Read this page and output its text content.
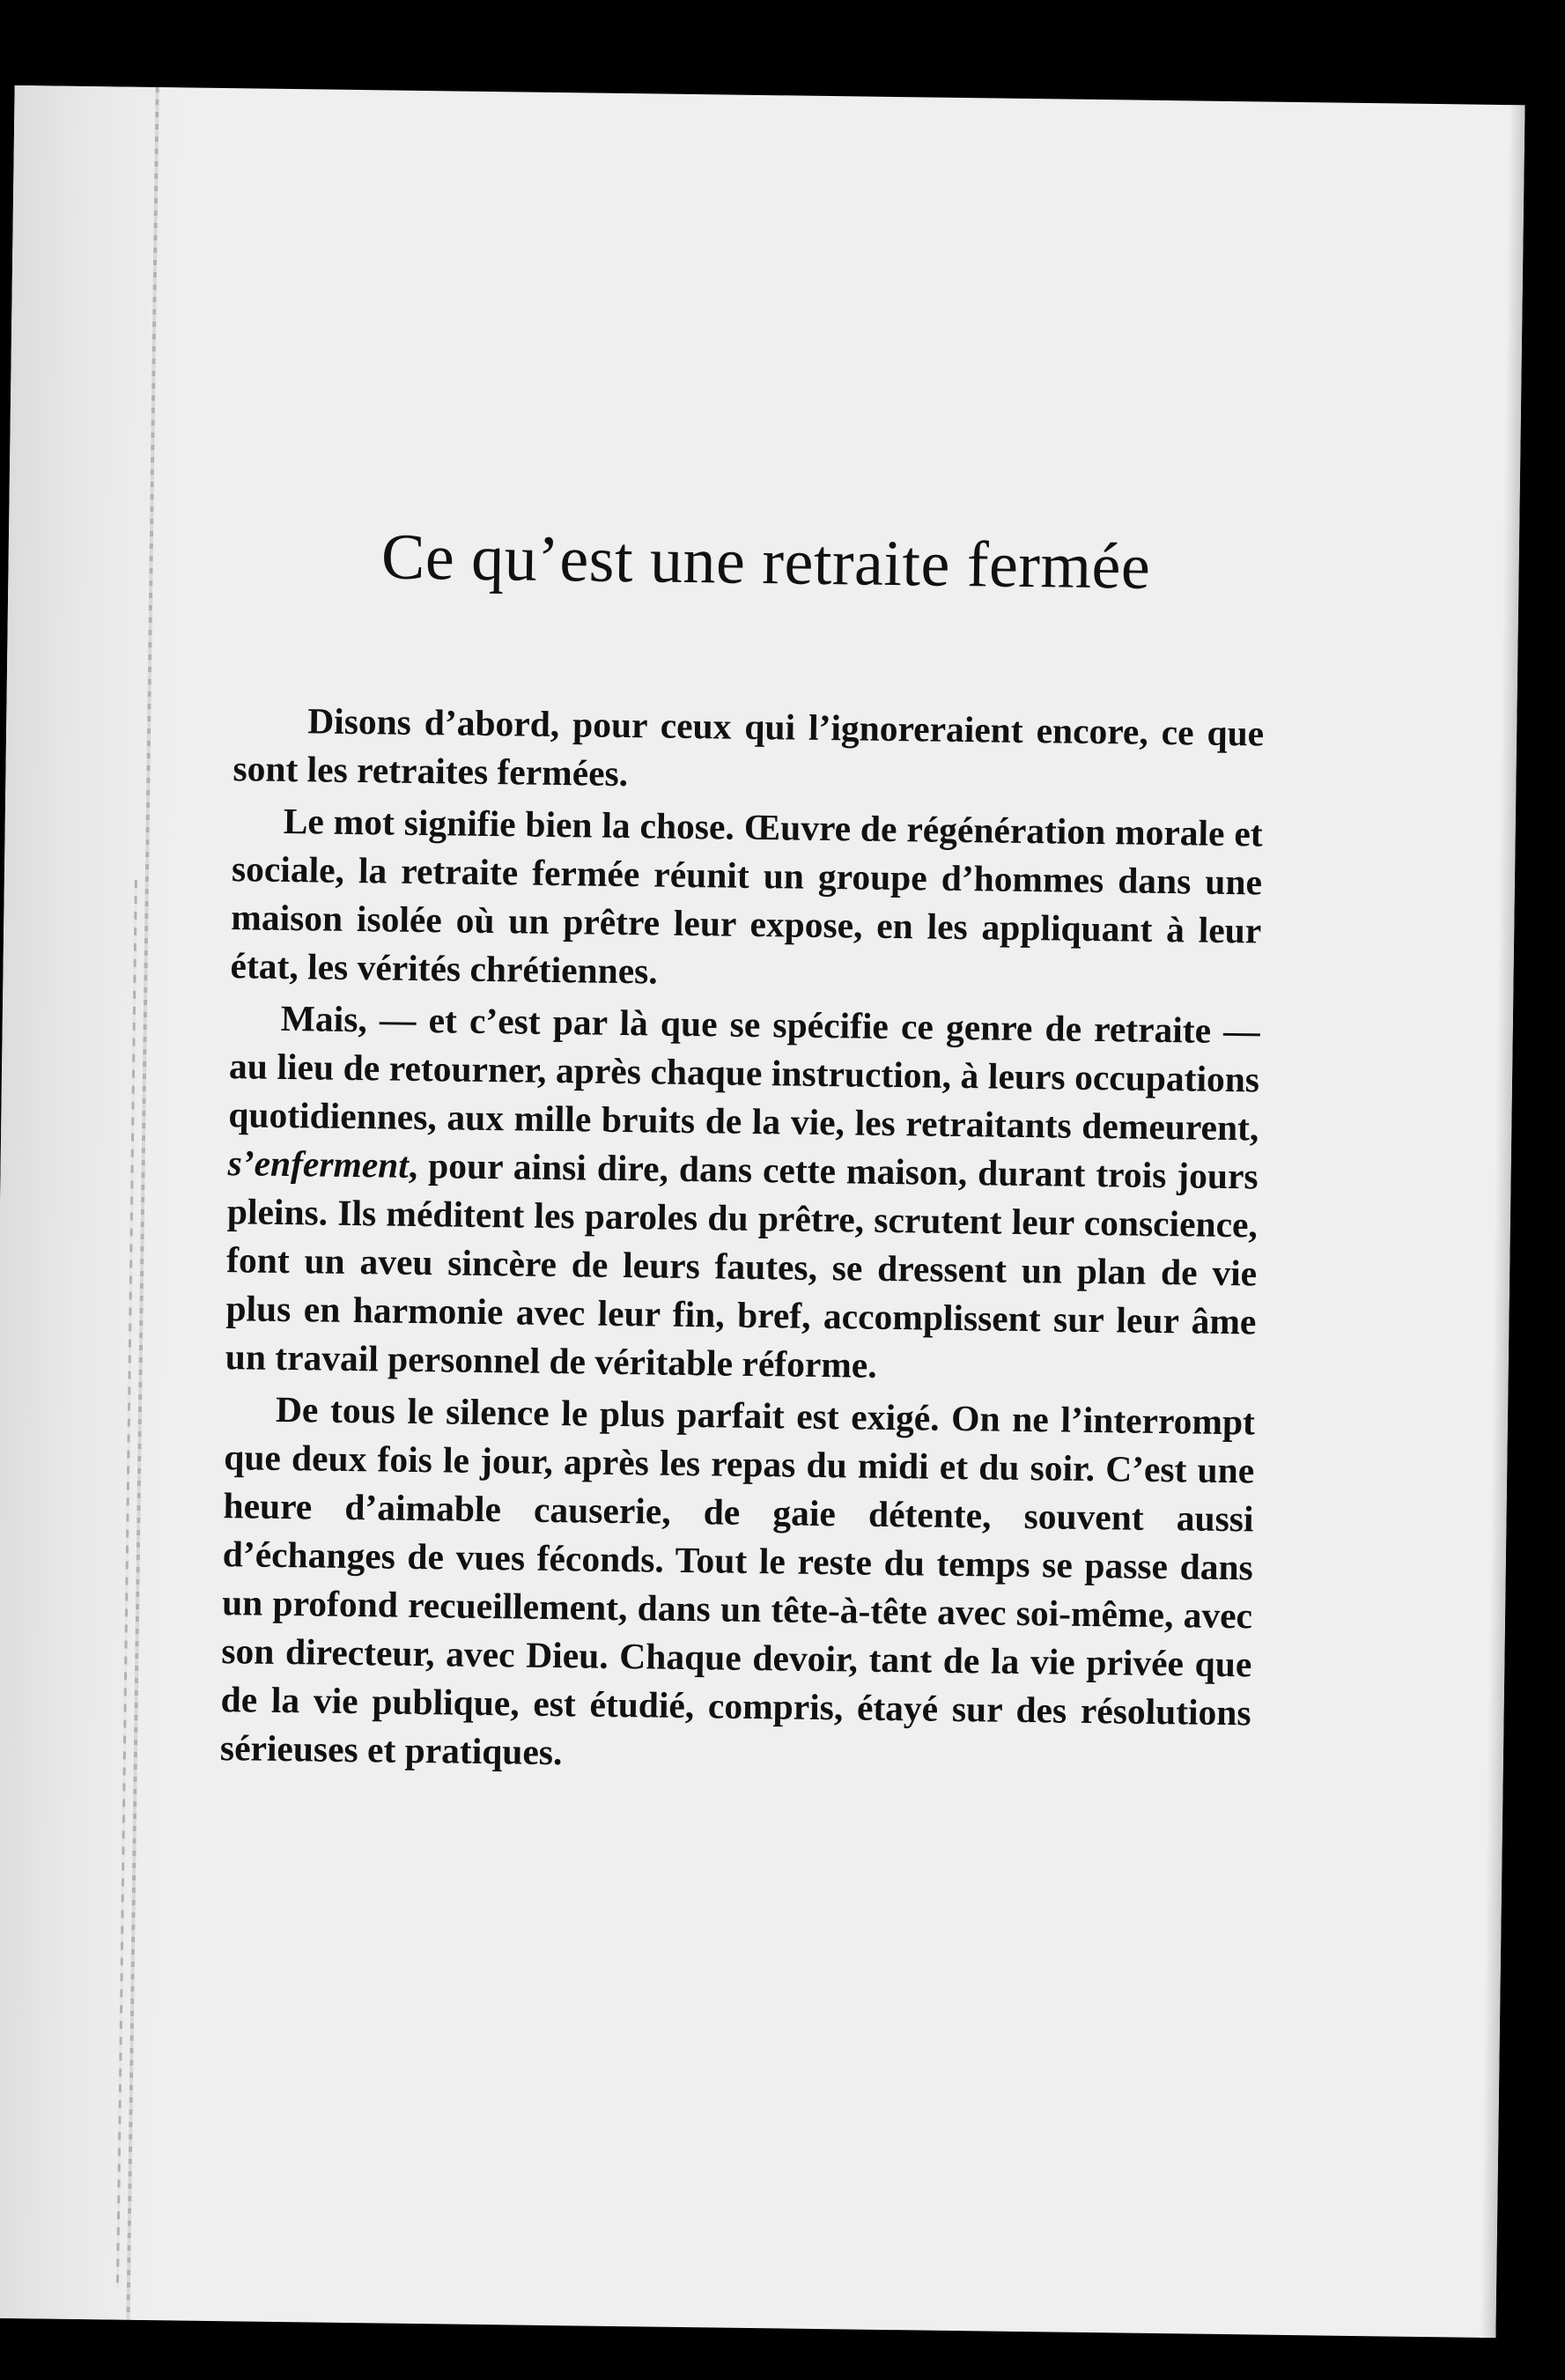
Ce qu’est une retraite fermée

Disons d’abord, pour ceux qui l’ignoreraient encore, ce que sont les retraites fermées.

Le mot signifie bien la chose. Œuvre de régénération morale et sociale, la retraite fermée réunit un groupe d’hommes dans une maison isolée où un prêtre leur expose, en les appliquant à leur état, les vérités chrétiennes.

Mais, — et c’est par là que se spécifie ce genre de retraite — au lieu de retourner, après chaque instruction, à leurs occupations quotidiennes, aux mille bruits de la vie, les retraitants demeurent, s’enferment, pour ainsi dire, dans cette maison, durant trois jours pleins. Ils méditent les paroles du prêtre, scrutent leur conscience, font un aveu sincère de leurs fautes, se dressent un plan de vie plus en harmonie avec leur fin, bref, accomplissent sur leur âme un travail personnel de véritable réforme.

De tous le silence le plus parfait est exigé. On ne l’interrompt que deux fois le jour, après les repas du midi et du soir. C’est une heure d’aimable causerie, de gaie détente, souvent aussi d’échanges de vues féconds. Tout le reste du temps se passe dans un profond recueillement, dans un tête-à-tête avec soi-même, avec son directeur, avec Dieu. Chaque devoir, tant de la vie privée que de la vie publique, est étudié, compris, étayé sur des résolutions sérieuses et pratiques.
